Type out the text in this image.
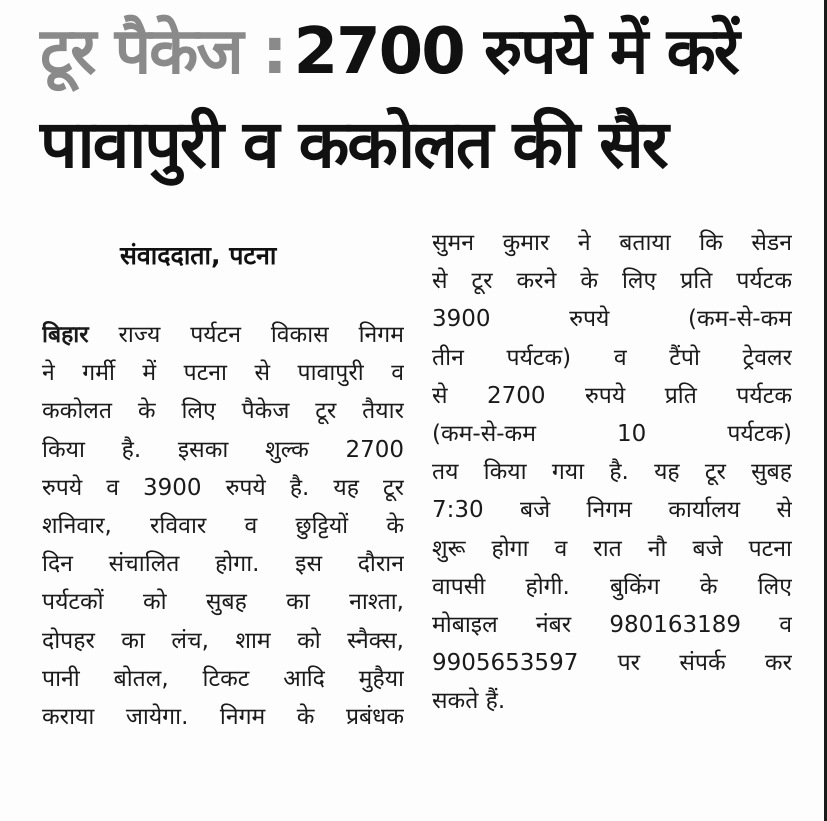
टूर पैकेज : 2700 रुपये में करें
पावापुरी व ककोलत की सैर
संवाददाता, पटना
बिहार राज्य पर्यटन विकास निगम
ने गर्मी में पटना से पावापुरी व
ककोलत के लिए पैकेज टूर तैयार
किया है. इसका शुल्क 2700
रुपये व 3900 रुपये है. यह टूर
शनिवार, रविवार व छुट्टियों के
दिन संचालित होगा. इस दौरान
पर्यटकों को सुबह का नाश्ता,
दोपहर का लंच, शाम को स्नैक्स,
पानी बोतल, टिकट आदि मुहैया
कराया जायेगा. निगम के प्रबंधक
सुमन कुमार ने बताया कि सेडन
से टूर करने के लिए प्रति पर्यटक
3900 रुपये (कम-से-कम
तीन पर्यटक) व टैंपो ट्रेवलर
से 2700 रुपये प्रति पर्यटक
(कम-से-कम 10 पर्यटक)
तय किया गया है. यह टूर सुबह
7:30 बजे निगम कार्यालय से
शुरू होगा व रात नौ बजे पटना
वापसी होगी. बुकिंग के लिए
मोबाइल नंबर 980163189 व
9905653597 पर संपर्क कर
सकते हैं.
